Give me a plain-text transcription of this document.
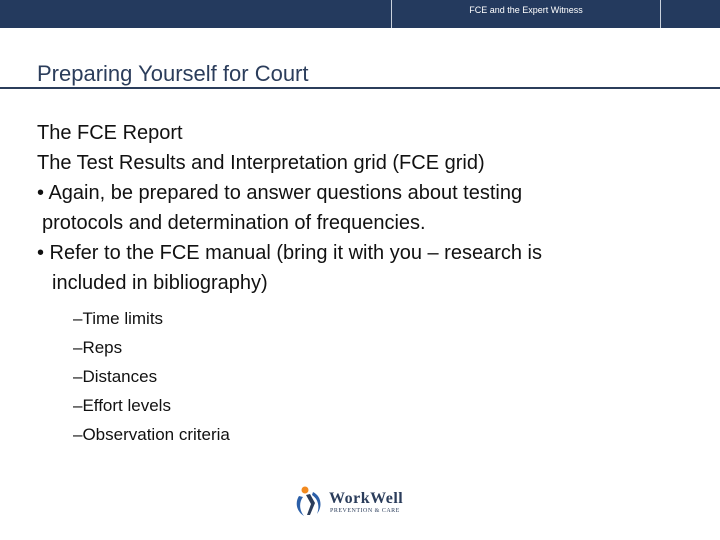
FCE and the Expert Witness
Preparing Yourself for Court
The FCE Report
The Test Results and Interpretation grid (FCE grid)
• Again, be prepared to answer questions about testing
protocols and determination of frequencies.
• Refer to the FCE manual (bring it with you – research is
included in bibliography)
–Time limits
–Reps
–Distances
–Effort levels
–Observation criteria
WorkWell
PREVENTION & CARE
